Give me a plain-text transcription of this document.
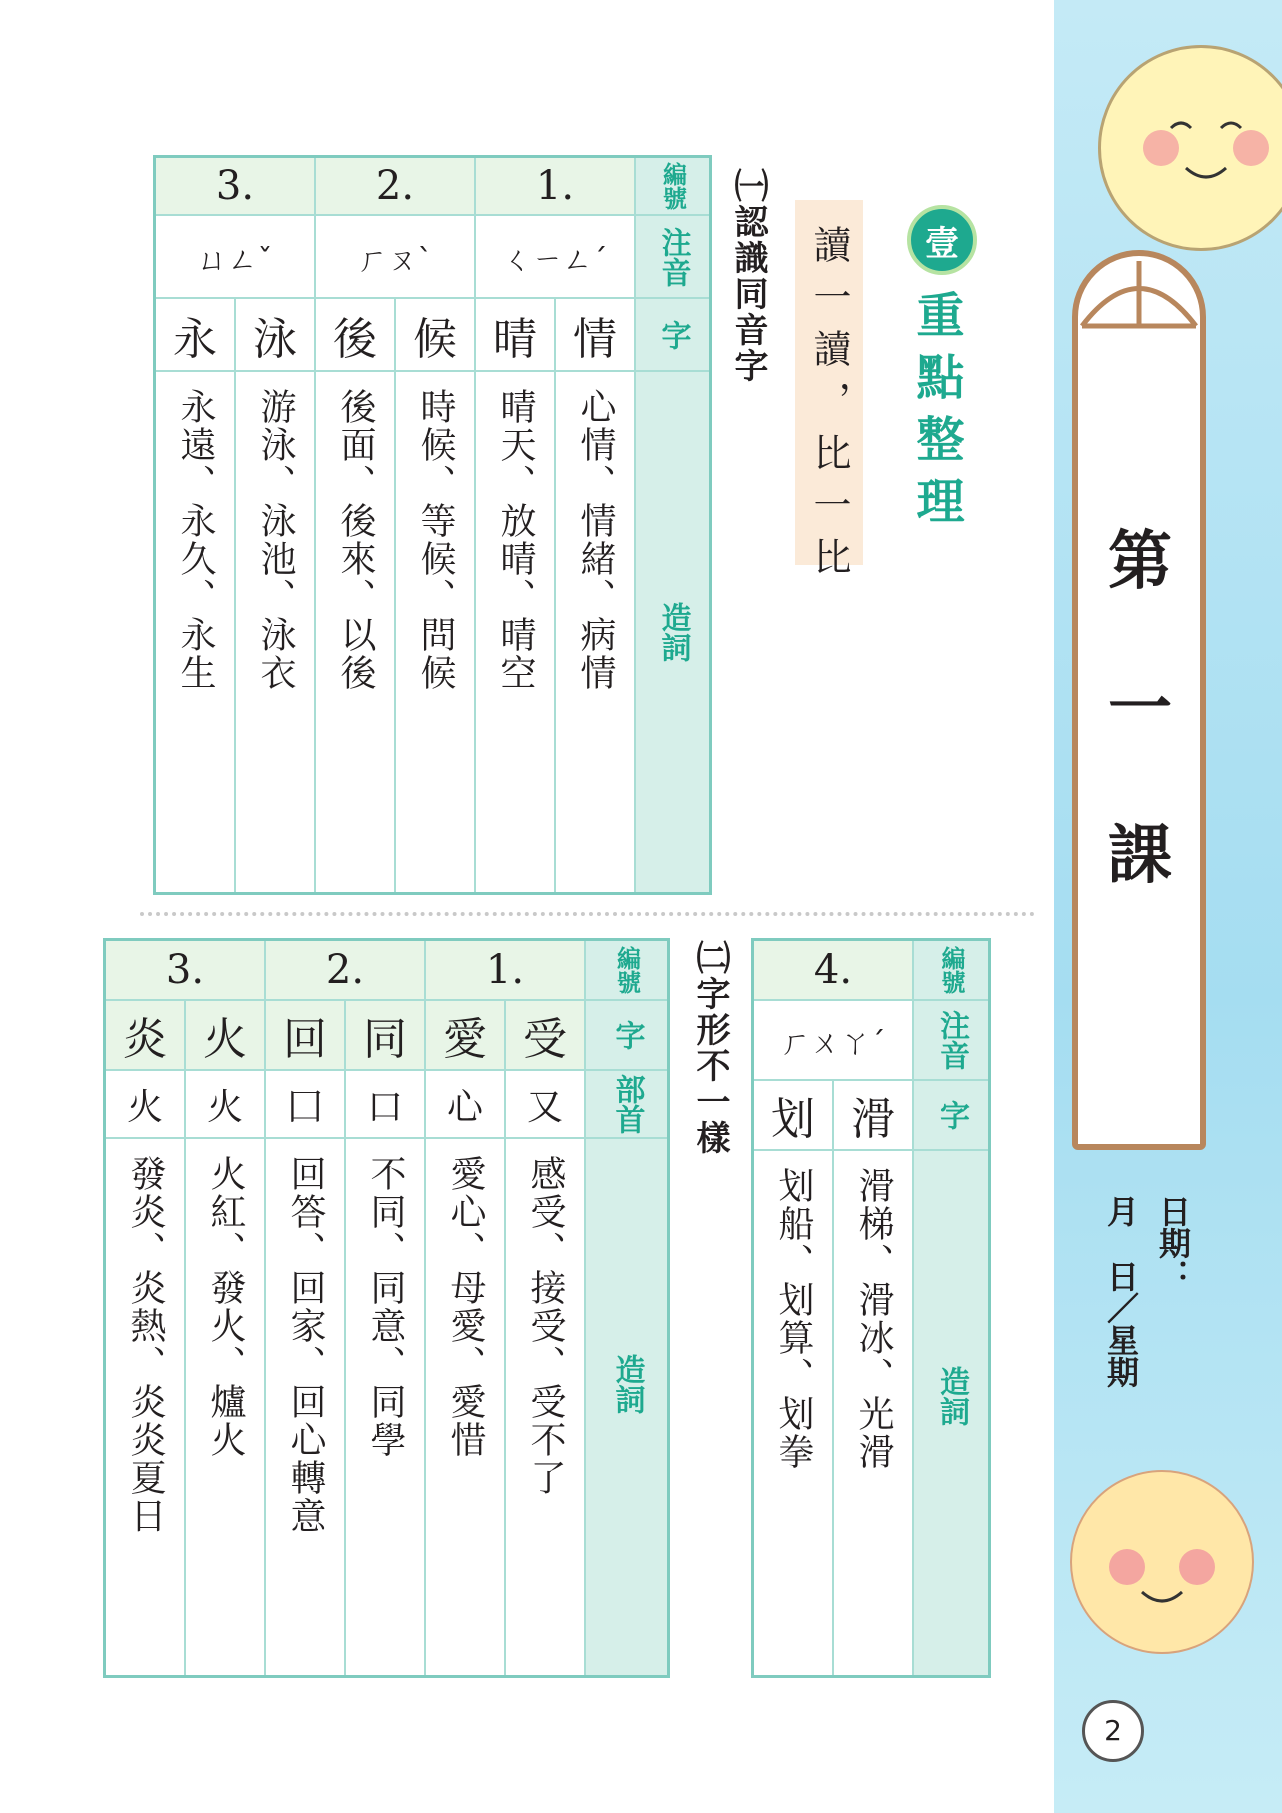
第
一
課
日期：
月
日／星期
2
壹
重點整理
讀一讀，比一比
㈠認識同音字
㈡字形不一樣
3.	2.	1.	編號
ㄩㄥˇ	ㄏㄡˋ ㄑㄧㄥˊ 注音
永 泳 後 候 晴 情 字
永遠、永久、永生 游泳、泳池、泳衣 後面、後來、以後 時候、等候、問候 晴天、放晴、晴空 心情、情緒、病情 造詞
3.	2.	1.	編號
炎 火 回 同 愛 受 字
火 火 囗 口 心 又 部首
發炎、炎熱、炎炎夏日 火紅、發火、爐火 回答、回家、回心轉意 不同、同意、同學 愛心、母愛、愛惜 感受、接受、受不了 造詞
4.	編號
ㄏㄨㄚˊ 注音
划 滑 字
划船、划算、划拳 滑梯、滑冰、光滑 造詞
